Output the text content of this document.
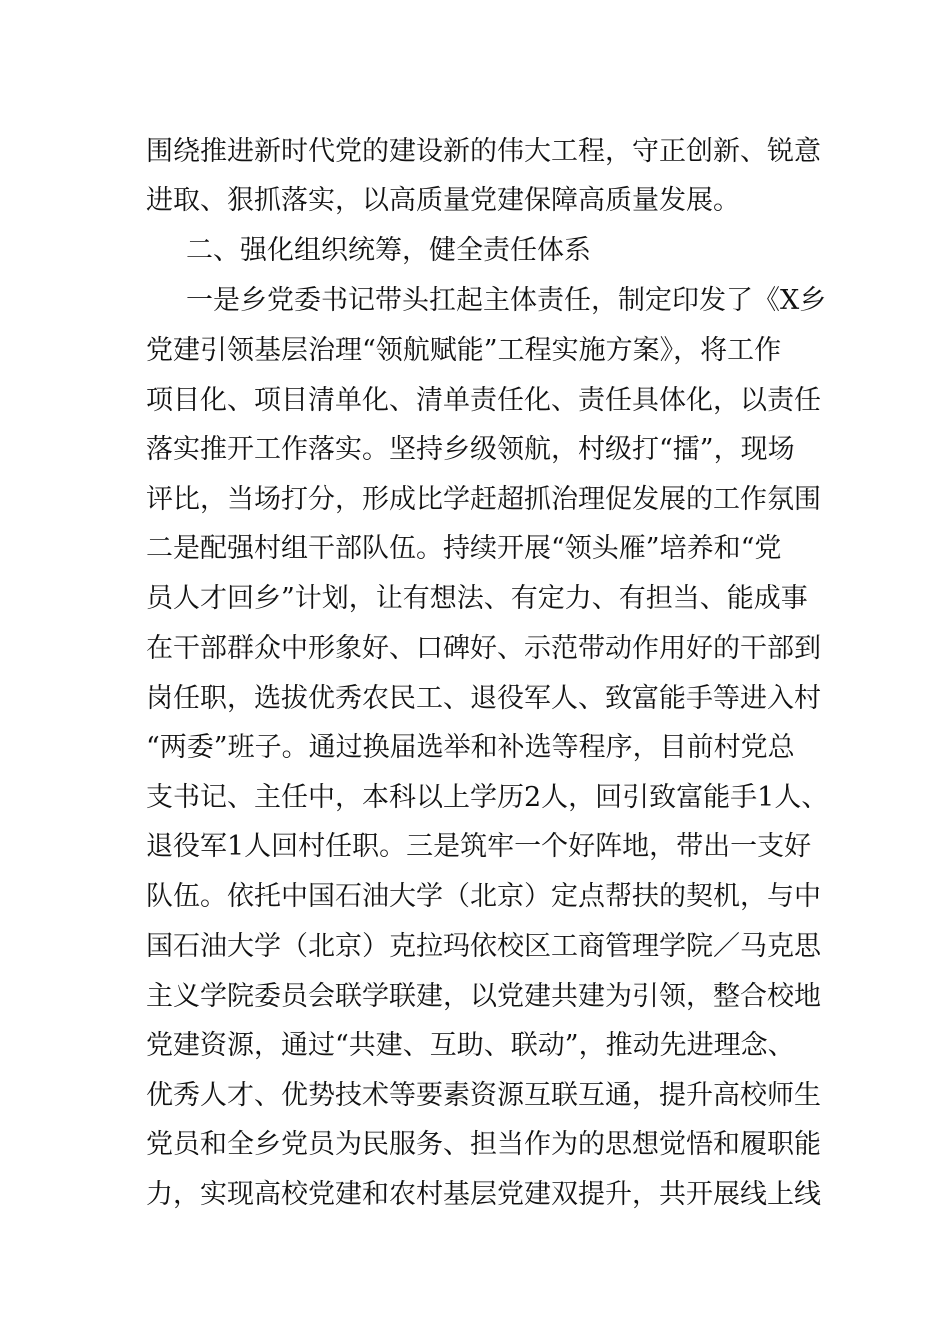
围绕推进新时代党的建设新的伟大工程，守正创新、锐意
进取、狠抓落实，以高质量党建保障高质量发展。
二、强化组织统筹，健全责任体系
一是乡党委书记带头扛起主体责任，制定印发了《X乡
党建引领基层治理“领航赋能”工程实施方案》，将工作
项目化、项目清单化、清单责任化、责任具体化，以责任
落实推开工作落实。坚持乡级领航，村级打“擂”，现场
评比，当场打分，形成比学赶超抓治理促发展的工作氛围
二是配强村组干部队伍。持续开展“领头雁”培养和“党
员人才回乡”计划，让有想法、有定力、有担当、能成事
在干部群众中形象好、口碑好、示范带动作用好的干部到
岗任职，选拔优秀农民工、退役军人、致富能手等进入村
“两委”班子。通过换届选举和补选等程序，目前村党总
支书记、主任中，本科以上学历2人，回引致富能手1人、
退役军1人回村任职。三是筑牢一个好阵地，带出一支好
队伍。依托中国石油大学（北京）定点帮扶的契机，与中
国石油大学（北京）克拉玛依校区工商管理学院／马克思
主义学院委员会联学联建，以党建共建为引领，整合校地
党建资源，通过“共建、互助、联动”，推动先进理念、
优秀人才、优势技术等要素资源互联互通，提升高校师生
党员和全乡党员为民服务、担当作为的思想觉悟和履职能
力，实现高校党建和农村基层党建双提升，共开展线上线
